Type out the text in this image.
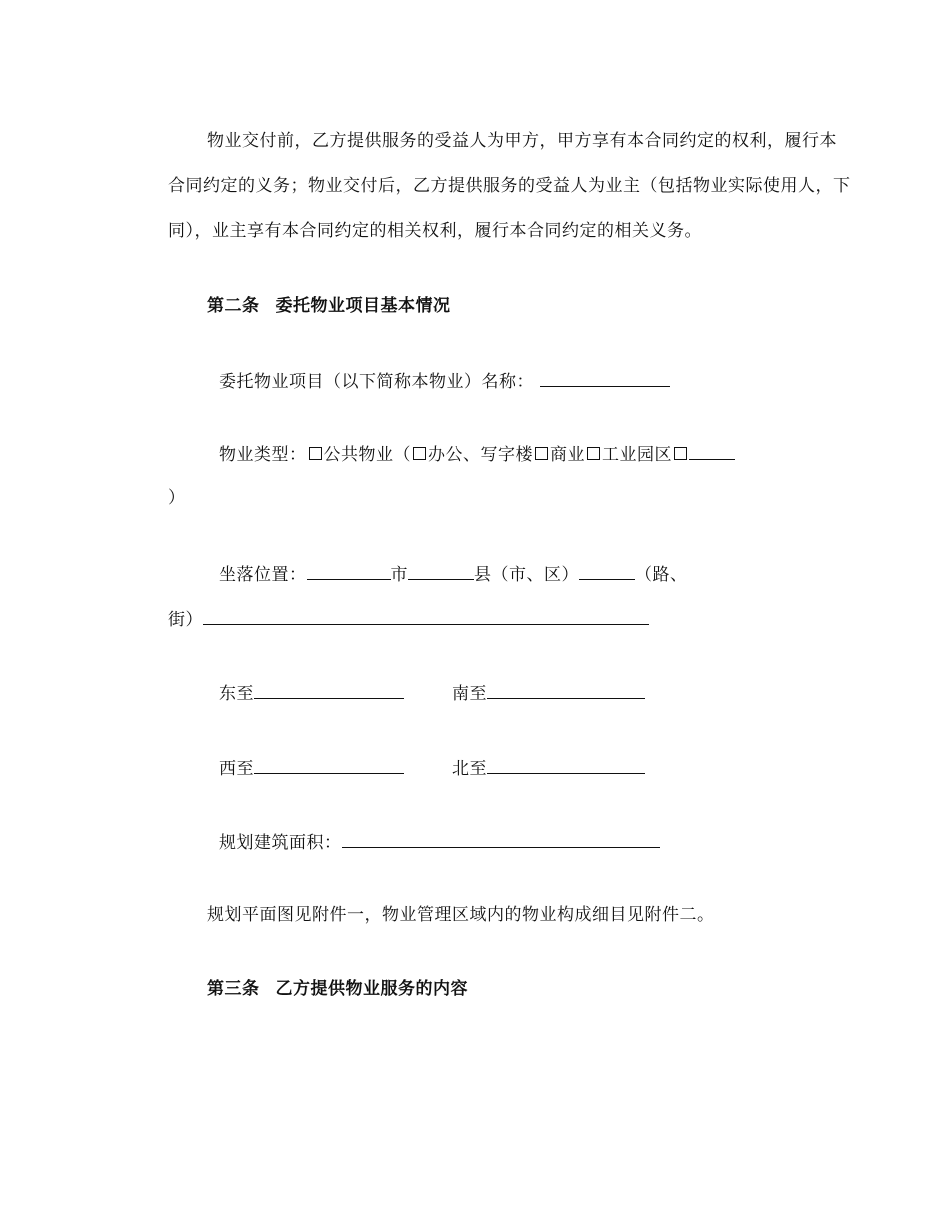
物业交付前，乙方提供服务的受益人为甲方，甲方享有本合同约定的权利，履行本
合同约定的义务；物业交付后，乙方提供服务的受益人为业主（包括物业实际使用人，下
同），业主享有本合同约定的相关权利，履行本合同约定的相关义务。
第二条 委托物业项目基本情况
委托物业项目（以下简称本物业）名称：
物业类型： 公共物业（ 办公、写字楼 商业 工业园区
）
坐落位置：	市	县（市、区）	（路、
街）
东至	南至
西至	北至
规划建筑面积：
规划平面图见附件一，物业管理区域内的物业构成细目见附件二。
第三条 乙方提供物业服务的内容
